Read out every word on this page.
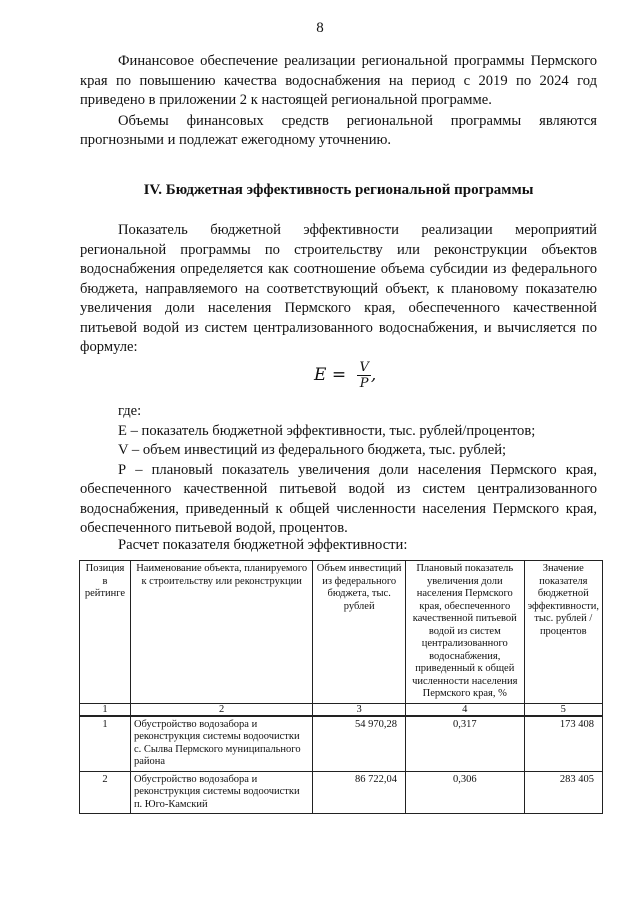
8

Финансовое обеспечение реализации региональной программы Пермского края по повышению качества водоснабжения на период с 2019 по 2024 год приведено в приложении 2 к настоящей региональной программе.

Объемы финансовых средств региональной программы являются прогнозными и подлежат ежегодному уточнению.

IV. Бюджетная эффективность региональной программы

Показатель бюджетной эффективности реализации мероприятий региональной программы по строительству или реконструкции объектов водоснабжения определяется как соотношение объема субсидии из федерального бюджета, направляемого на соответствующий объект, к плановому показателю увеличения доли населения Пермского края, обеспеченного качественной питьевой водой из систем централизованного водоснабжения, и вычисляется по формуле:

$E = \frac{V}{P}$ ,

где:

Е – показатель бюджетной эффективности, тыс. рублей/процентов;

V – объем инвестиций из федерального бюджета, тыс. рублей;

Р – плановый показатель увеличения доли населения Пермского края, обеспеченного качественной питьевой водой из систем централизованного водоснабжения, приведенный к общей численности населения Пермского края, обеспеченного питьевой водой, процентов.

Расчет показателя бюджетной эффективности:
Позиция в рейтинге	Наименование объекта, планируемого к строительству или реконструкции	Объем инвестиций из федерального бюджета, тыс. рублей	Плановый показатель увеличения доли населения Пермского края, обеспеченного качественной питьевой водой из систем централизованного водоснабжения, приведенный к общей численности населения Пермского края, %	Значение показателя бюджетной эффективности, тыс. рублей / процентов
1	2	3	4	5
1	Обустройство водозабора и реконструкция системы водоочистки с. Сылва Пермского муниципального района	54 970,28	0,317	173 408
2	Обустройство водозабора и реконструкция системы водоочистки п. Юго-Камский	86 722,04	0,306	283 405
